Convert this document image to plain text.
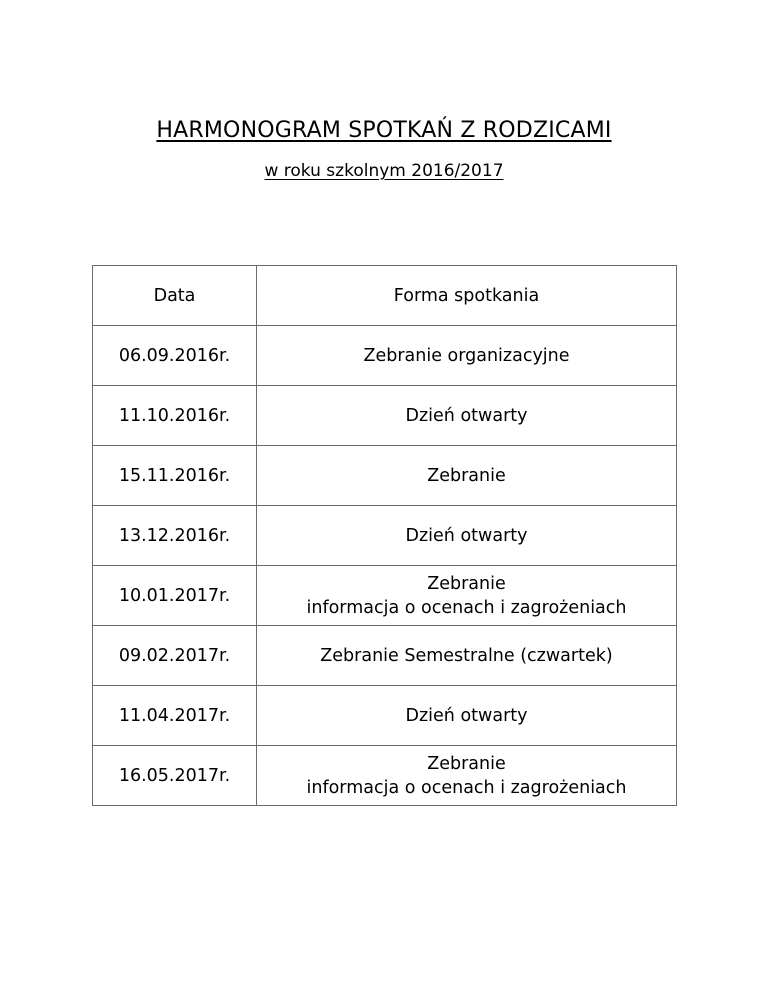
HARMONOGRAM SPOTKAŃ Z RODZICAMI
w roku szkolnym 2016/2017
Data	Forma spotkania
06.09.2016r.	Zebranie organizacyjne

11.10.2016r.	Dzień otwarty

15.11.2016r.	Zebranie

13.12.2016r.	Dzień otwarty

10.01.2017r.	Zebranie
informacja o ocenach i zagrożeniach

09.02.2017r.	Zebranie Semestralne (czwartek)

11.04.2017r.	Dzień otwarty

16.05.2017r.	Zebranie
informacja o ocenach i zagrożeniach
